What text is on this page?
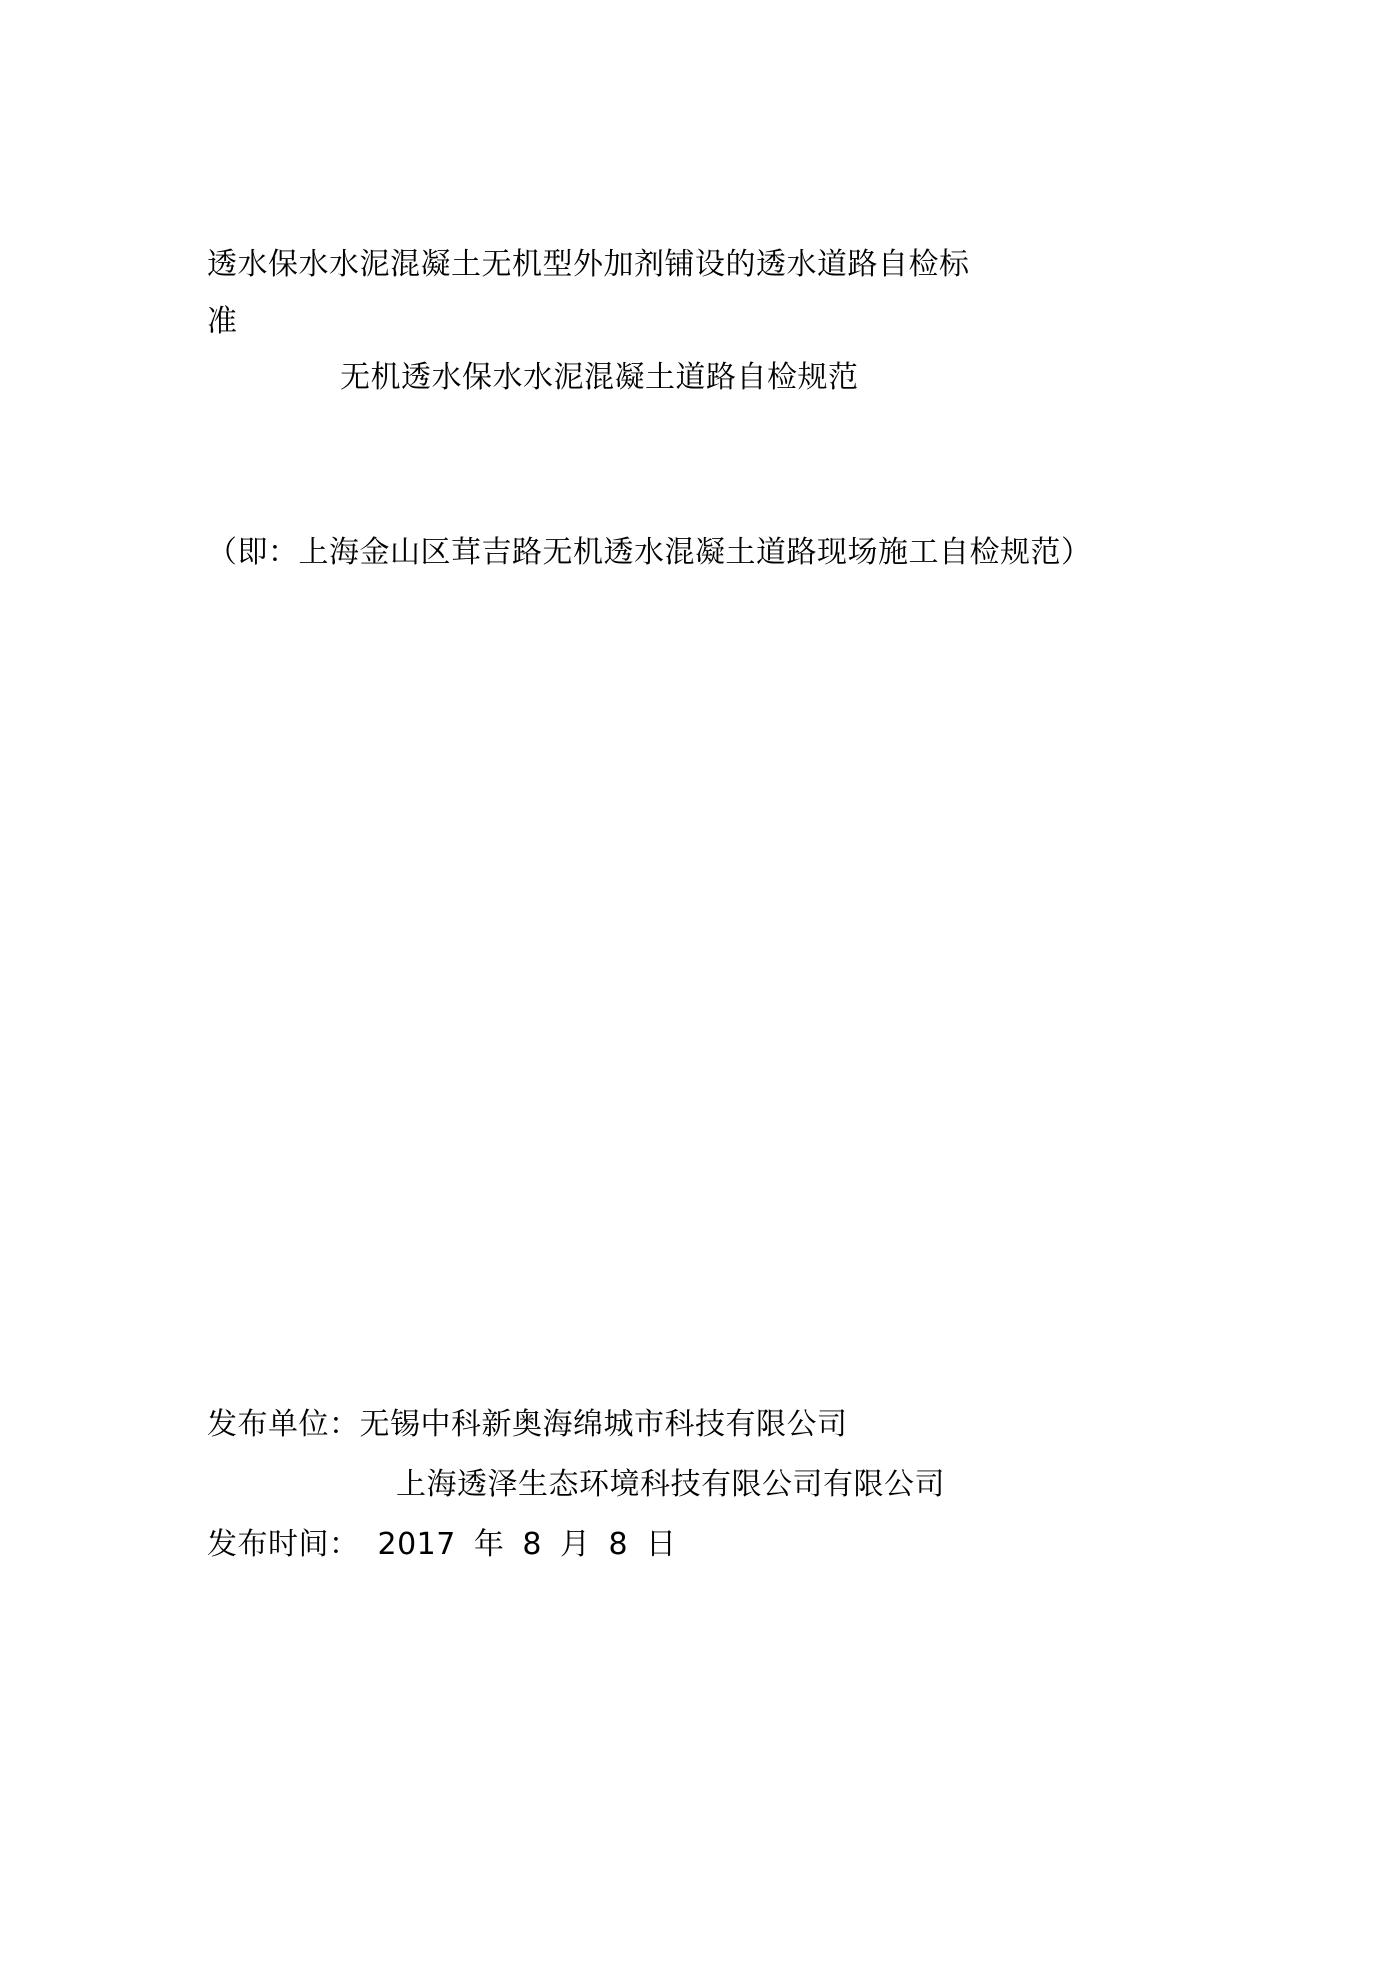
透水保水水泥混凝土无机型外加剂铺设的透水道路自检标
准
无机透水保水水泥混凝土道路自检规范
（即：上海金山区茸吉路无机透水混凝土道路现场施工自检规范）
发布单位：无锡中科新奥海绵城市科技有限公司
上海透泽生态环境科技有限公司有限公司
发布时间： 2017 年 8 月 8 日
